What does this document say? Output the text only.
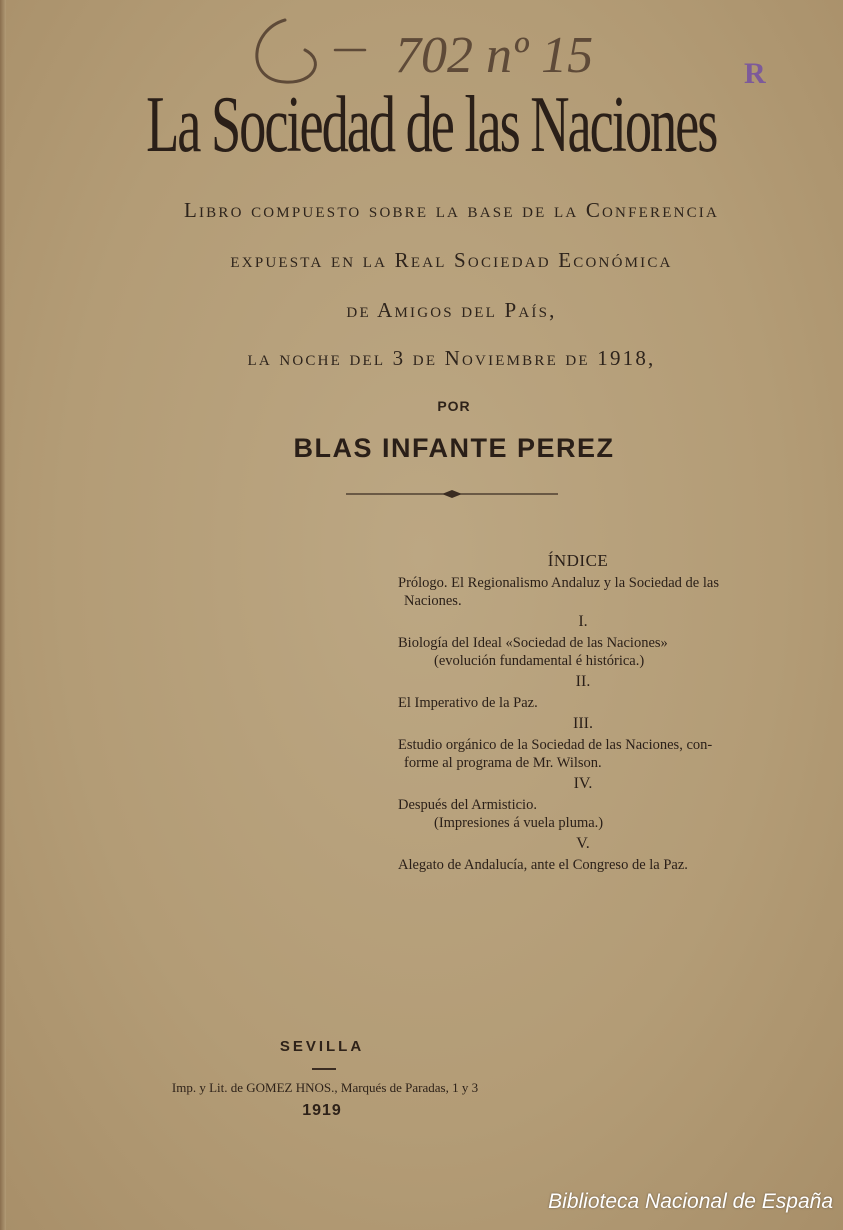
702 nº 15	R
La Sociedad de las Naciones
Libro compuesto sobre la base de la Conferencia
expuesta en la Real Sociedad Económica
de Amigos del País,
la noche del 3 de Noviembre de 1918,
POR
BLAS INFANTE PEREZ
ÍNDICE
Prólogo. El Regionalismo Andaluz y la Sociedad de las
Naciones.
I.
Biología del Ideal «Sociedad de las Naciones»
(evolución fundamental é histórica.)
II.
El Imperativo de la Paz.
III.
Estudio orgánico de la Sociedad de las Naciones, con-
forme al programa de Mr. Wilson.
IV.
Después del Armisticio.
(Impresiones á vuela pluma.)
V.
Alegato de Andalucía, ante el Congreso de la Paz.
SEVILLA
Imp. y Lit. de GOMEZ HNOS., Marqués de Paradas, 1 y 3
1919
Biblioteca Nacional de España
